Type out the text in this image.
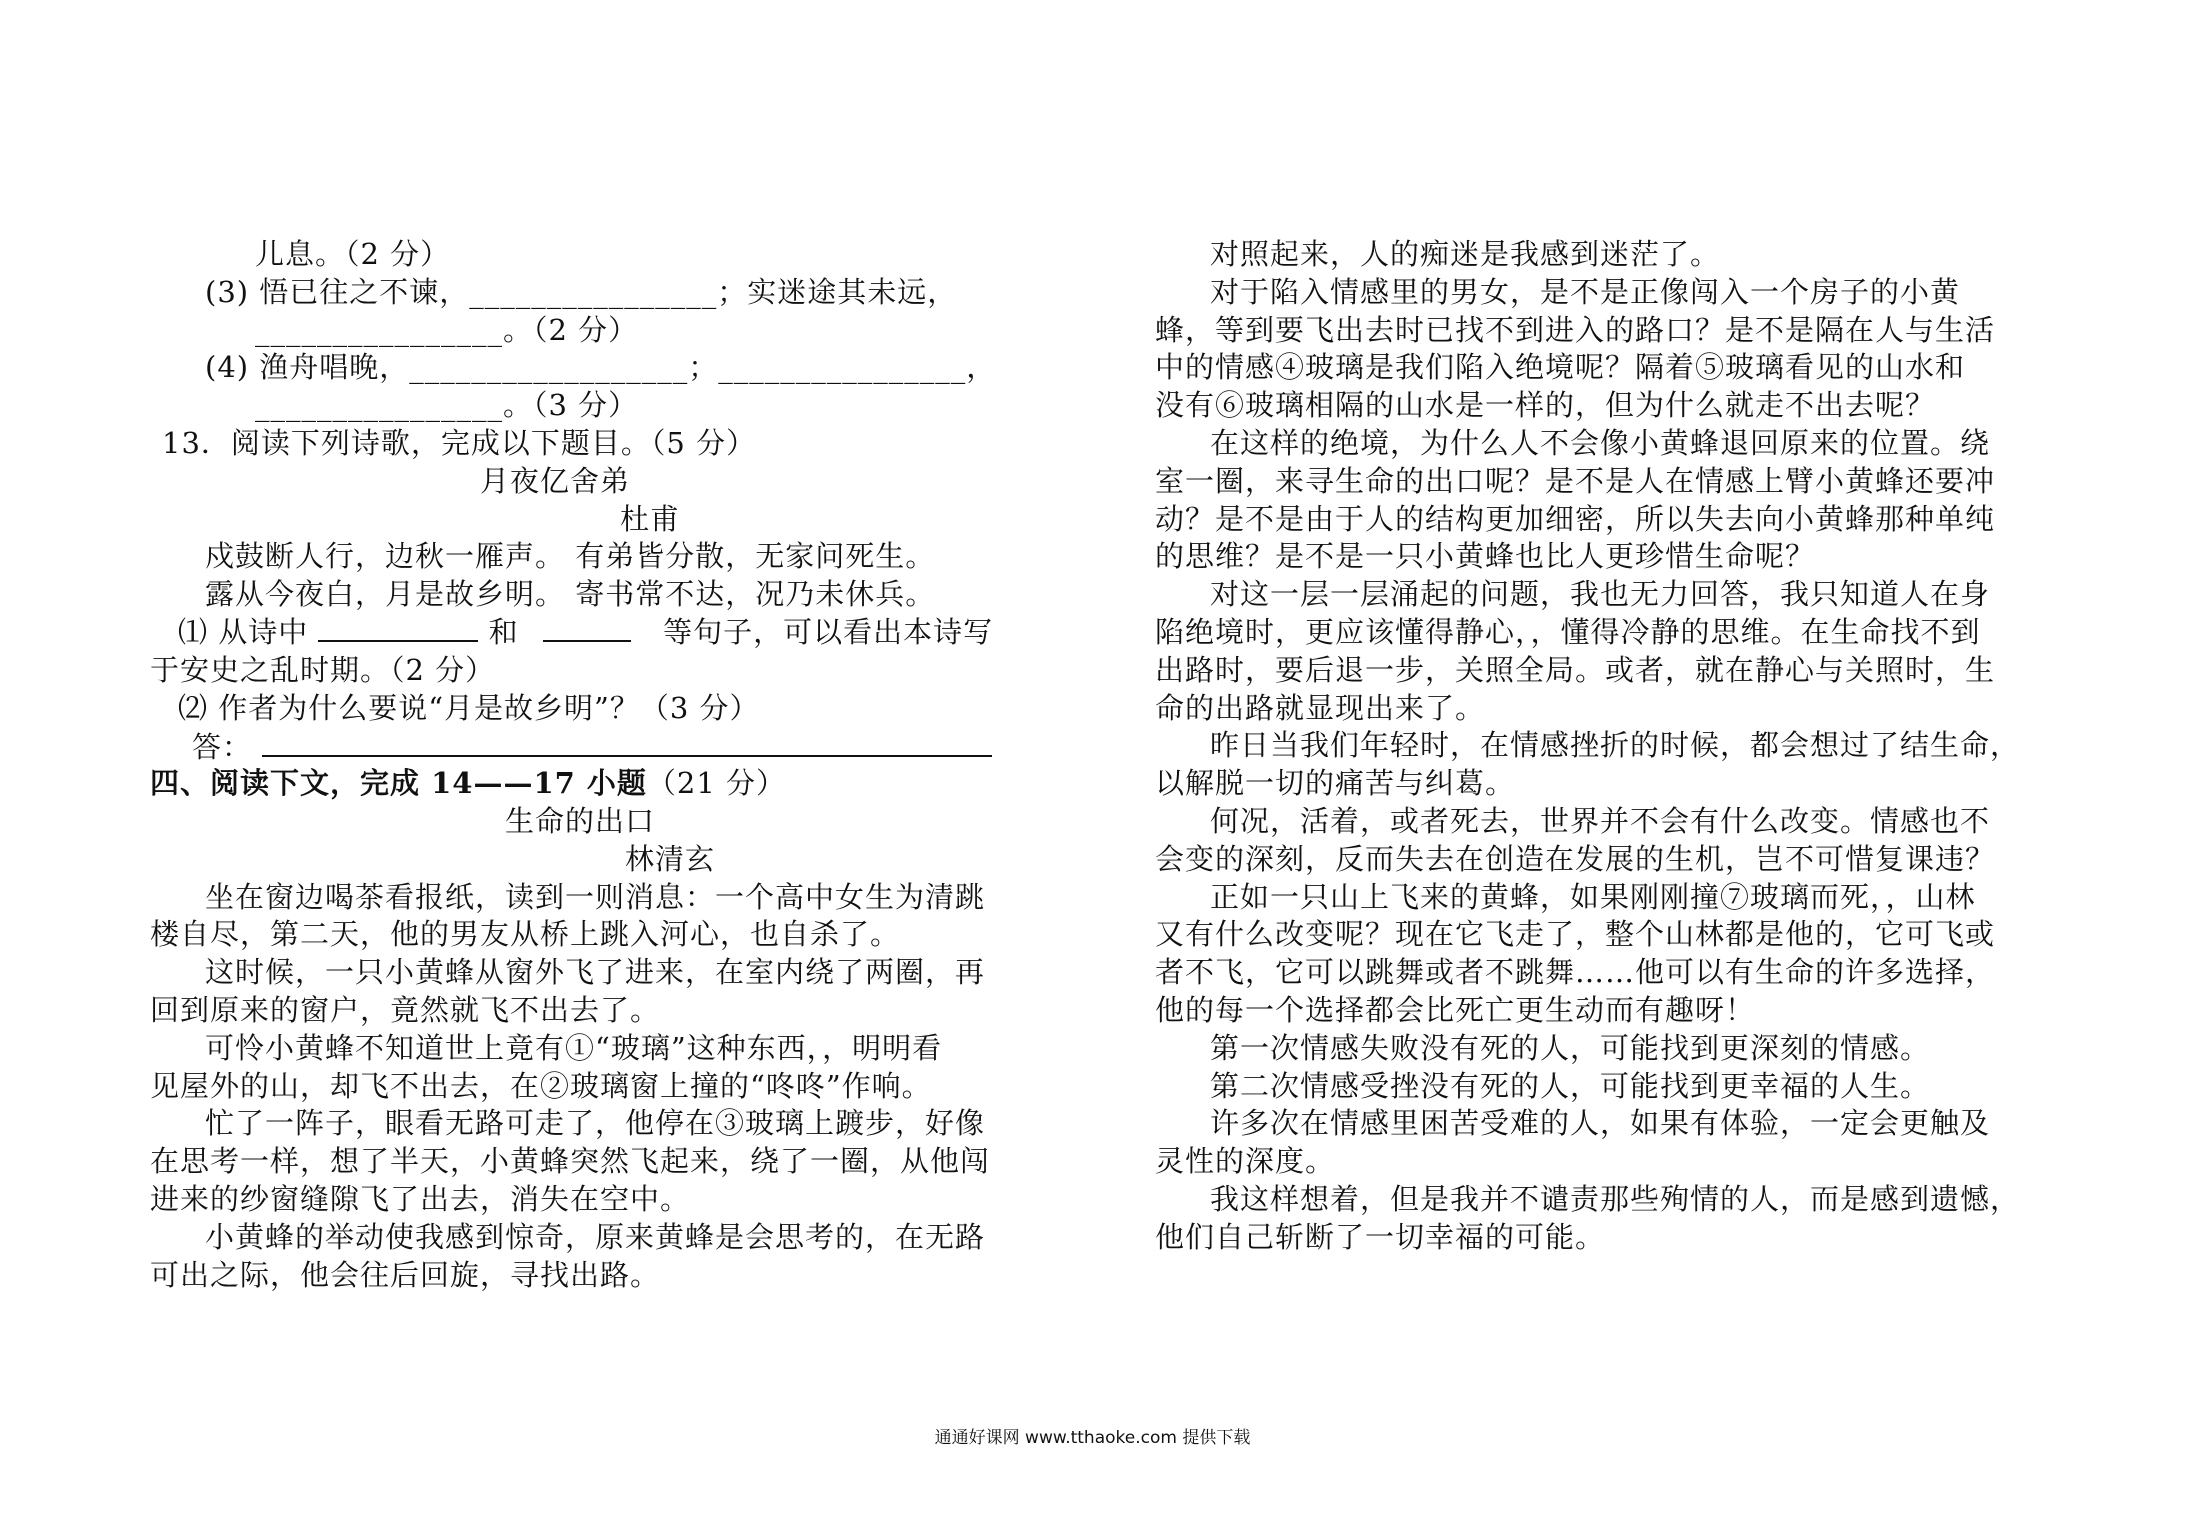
儿息。（2 分）
(3) 悟已往之不谏，________________；实迷途其未远，
________________。（2 分）
(4) 渔舟唱晚，__________________；________________，
________________。（3 分）
13．阅读下列诗歌，完成以下题目。（5 分）
月夜亿舍弟
杜甫
戍鼓断人行，边秋一雁声。 有弟皆分散，无家问死生。
露从今夜白，月是故乡明。 寄书常不达，况乃未休兵。
⑴ 从诗中	和	等句子，可以看出本诗写
于安史之乱时期。（2 分）
⑵ 作者为什么要说“月是故乡明”？（3 分）
答：
四、阅读下文，完成 14——17 小题（21 分）
生命的出口
林清玄
坐在窗边喝茶看报纸，读到一则消息：一个高中女生为清跳
楼自尽，第二天，他的男友从桥上跳入河心，也自杀了。
这时候，一只小黄蜂从窗外飞了进来，在室内绕了两圈，再
回到原来的窗户，竟然就飞不出去了。
可怜小黄蜂不知道世上竟有①“玻璃”这种东西，，明明看
见屋外的山，却飞不出去，在②玻璃窗上撞的“咚咚”作响。
忙了一阵子，眼看无路可走了，他停在③玻璃上踱步，好像
在思考一样，想了半天，小黄蜂突然飞起来，绕了一圈，从他闯
进来的纱窗缝隙飞了出去，消失在空中。
小黄蜂的举动使我感到惊奇，原来黄蜂是会思考的，在无路
可出之际，他会往后回旋，寻找出路。
对照起来，人的痴迷是我感到迷茫了。
对于陷入情感里的男女，是不是正像闯入一个房子的小黄
蜂，等到要飞出去时已找不到进入的路口？是不是隔在人与生活
中的情感④玻璃是我们陷入绝境呢？隔着⑤玻璃看见的山水和
没有⑥玻璃相隔的山水是一样的，但为什么就走不出去呢？
在这样的绝境，为什么人不会像小黄蜂退回原来的位置。绕
室一圈，来寻生命的出口呢？是不是人在情感上臂小黄蜂还要冲
动？是不是由于人的结构更加细密，所以失去向小黄蜂那种单纯
的思维？是不是一只小黄蜂也比人更珍惜生命呢？
对这一层一层涌起的问题，我也无力回答，我只知道人在身
陷绝境时，更应该懂得静心，，懂得冷静的思维。在生命找不到
出路时，要后退一步，关照全局。或者，就在静心与关照时，生
命的出路就显现出来了。
昨日当我们年轻时，在情感挫折的时候，都会想过了结生命，
以解脱一切的痛苦与纠葛。
何况，活着，或者死去，世界并不会有什么改变。情感也不
会变的深刻，反而失去在创造在发展的生机，岂不可惜复课违？
正如一只山上飞来的黄蜂，如果刚刚撞⑦玻璃而死，，山林
又有什么改变呢？现在它飞走了，整个山林都是他的，它可飞或
者不飞，它可以跳舞或者不跳舞……他可以有生命的许多选择，
他的每一个选择都会比死亡更生动而有趣呀！
第一次情感失败没有死的人，可能找到更深刻的情感。
第二次情感受挫没有死的人，可能找到更幸福的人生。
许多次在情感里困苦受难的人，如果有体验，一定会更触及
灵性的深度。
我这样想着，但是我并不谴责那些殉情的人，而是感到遗憾，
他们自己斩断了一切幸福的可能。
通通好课网 www.tthaoke.com 提供下载
